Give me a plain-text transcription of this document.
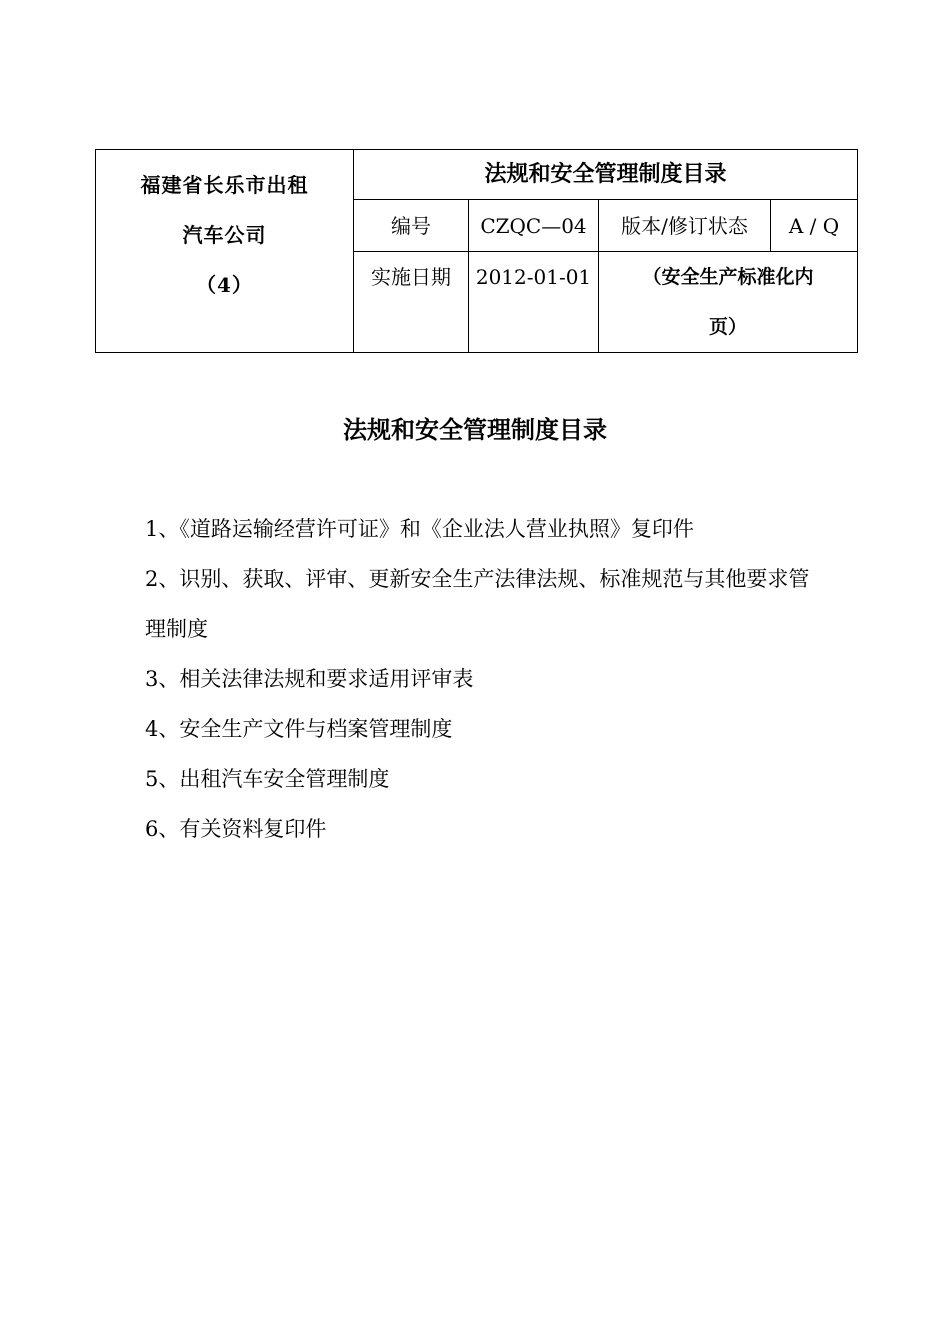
福建省长乐市出租
汽车公司
（4）	法规和安全管理制度目录			
	编号	CZQC—04	版本/修订状态	A / Q
	实施日期	2012-01-01	（安全生产标准化内
页）	
法规和安全管理制度目录
1、《道路运输经营许可证》和《企业法人营业执照》复印件
2、识别、获取、评审、更新安全生产法律法规、标准规范与其他要求管理制度
3、相关法律法规和要求适用评审表
4、安全生产文件与档案管理制度
5、出租汽车安全管理制度
6、有关资料复印件
